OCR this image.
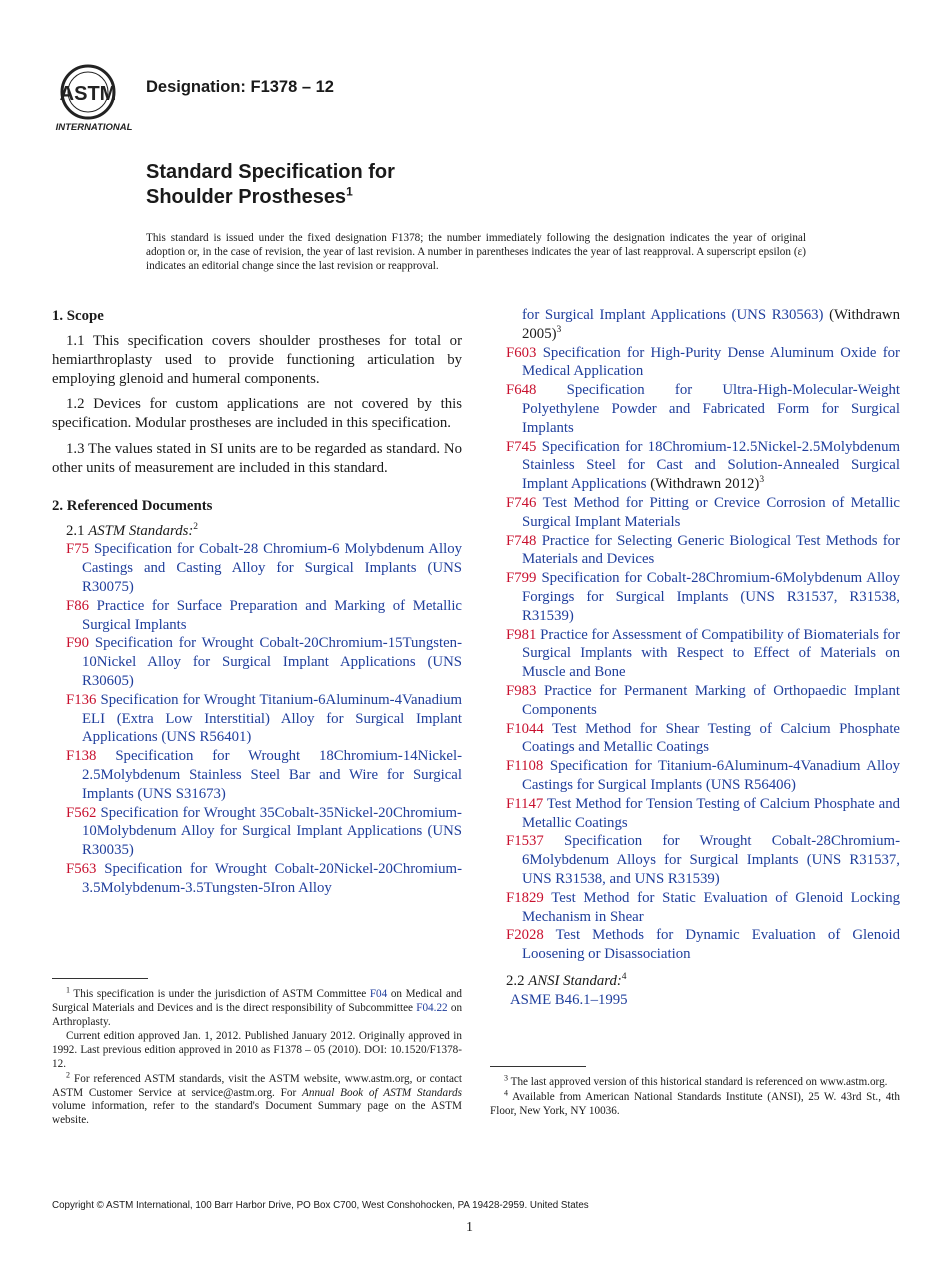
ASTM
INTERNATIONAL

Designation: F1378 – 12

Standard Specification for
Shoulder Prostheses$^1$

This standard is issued under the fixed designation F1378; the number immediately following the designation indicates the year of original adoption or, in the case of revision, the year of last revision. A number in parentheses indicates the year of last reapproval. A superscript epsilon (ε) indicates an editorial change since the last revision or reapproval.

1. Scope

1.1 This specification covers shoulder prostheses for total or hemiarthroplasty used to provide functioning articulation by employing glenoid and humeral components.

1.2 Devices for custom applications are not covered by this specification. Modular prostheses are included in this specification.

1.3 The values stated in SI units are to be regarded as standard. No other units of measurement are included in this standard.

2. Referenced Documents

2.1 ASTM Standards:$^2$

F75 Specification for Cobalt-28 Chromium-6 Molybdenum Alloy Castings and Casting Alloy for Surgical Implants (UNS R30075)

F86 Practice for Surface Preparation and Marking of Metallic Surgical Implants

F90 Specification for Wrought Cobalt-20Chromium-15Tungsten-10Nickel Alloy for Surgical Implant Applications (UNS R30605)

F136 Specification for Wrought Titanium-6Aluminum-4Vanadium ELI (Extra Low Interstitial) Alloy for Surgical Implant Applications (UNS R56401)

F138 Specification for Wrought 18Chromium-14Nickel-2.5Molybdenum Stainless Steel Bar and Wire for Surgical Implants (UNS S31673)

F562 Specification for Wrought 35Cobalt-35Nickel-20Chromium-10Molybdenum Alloy for Surgical Implant Applications (UNS R30035)

F563 Specification for Wrought Cobalt-20Nickel-20Chromium-3.5Molybdenum-3.5Tungsten-5Iron Alloy

$^1$ This specification is under the jurisdiction of ASTM Committee F04 on Medical and Surgical Materials and Devices and is the direct responsibility of Subcommittee F04.22 on Arthroplasty.

Current edition approved Jan. 1, 2012. Published January 2012. Originally approved in 1992. Last previous edition approved in 2010 as F1378 – 05 (2010). DOI: 10.1520/F1378-12.

$^2$ For referenced ASTM standards, visit the ASTM website, www.astm.org, or contact ASTM Customer Service at service@astm.org. For Annual Book of ASTM Standards volume information, refer to the standard's Document Summary page on the ASTM website.

for Surgical Implant Applications (UNS R30563) (Withdrawn 2005)$^3$

F603 Specification for High-Purity Dense Aluminum Oxide for Medical Application

F648 Specification for Ultra-High-Molecular-Weight Polyethylene Powder and Fabricated Form for Surgical Implants

F745 Specification for 18Chromium-12.5Nickel-2.5Molybdenum Stainless Steel for Cast and Solution-Annealed Surgical Implant Applications (Withdrawn 2012)$^3$

F746 Test Method for Pitting or Crevice Corrosion of Metallic Surgical Implant Materials

F748 Practice for Selecting Generic Biological Test Methods for Materials and Devices

F799 Specification for Cobalt-28Chromium-6Molybdenum Alloy Forgings for Surgical Implants (UNS R31537, R31538, R31539)

F981 Practice for Assessment of Compatibility of Biomaterials for Surgical Implants with Respect to Effect of Materials on Muscle and Bone

F983 Practice for Permanent Marking of Orthopaedic Implant Components

F1044 Test Method for Shear Testing of Calcium Phosphate Coatings and Metallic Coatings

F1108 Specification for Titanium-6Aluminum-4Vanadium Alloy Castings for Surgical Implants (UNS R56406)

F1147 Test Method for Tension Testing of Calcium Phosphate and Metallic Coatings

F1537 Specification for Wrought Cobalt-28Chromium-6Molybdenum Alloys for Surgical Implants (UNS R31537, UNS R31538, and UNS R31539)

F1829 Test Method for Static Evaluation of Glenoid Locking Mechanism in Shear

F2028 Test Methods for Dynamic Evaluation of Glenoid Loosening or Disassociation

2.2 ANSI Standard:$^4$

ASME B46.1–1995

$^3$ The last approved version of this historical standard is referenced on www.astm.org.

$^4$ Available from American National Standards Institute (ANSI), 25 W. 43rd St., 4th Floor, New York, NY 10036.

Copyright © ASTM International, 100 Barr Harbor Drive, PO Box C700, West Conshohocken, PA 19428-2959. United States

1
